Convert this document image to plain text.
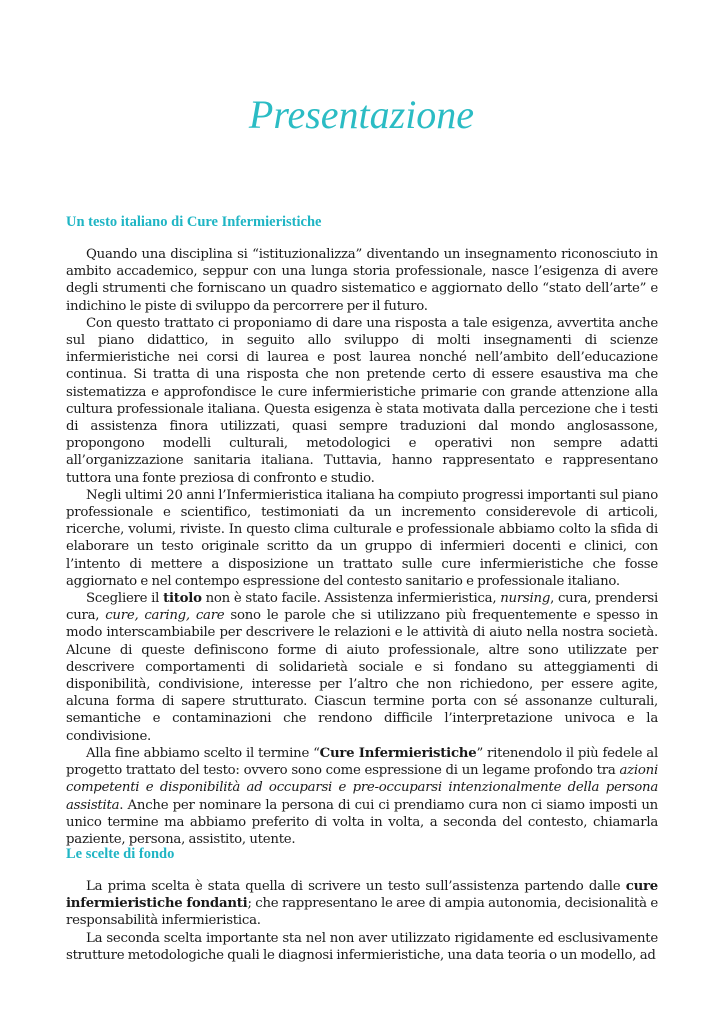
Presentazione
Un testo italiano di Cure Infermieristiche

Quando una disciplina si “istituzionalizza” diventando un insegnamento riconosciuto in ambito accademico, seppur con una lunga storia professionale, nasce l’esigenza di avere degli strumenti che forniscano un quadro sistematico e aggiornato dello “stato dell’arte” e indichino le piste di sviluppo da percorrere per il futuro.

Con questo trattato ci proponiamo di dare una risposta a tale esigenza, avvertita anche sul piano didattico, in seguito allo sviluppo di molti insegnamenti di scienze infermieristiche nei corsi di laurea e post laurea nonché nell’ambito dell’educazione continua. Si tratta di una risposta che non pretende certo di essere esaustiva ma che sistematizza e approfondisce le cure infermieristiche primarie con grande attenzione alla cultura professionale italiana. Questa esigenza è stata motivata dalla percezione che i testi di assistenza finora utilizzati, quasi sempre traduzioni dal mondo anglosassone, propongono modelli culturali, metodologici e operativi non sempre adatti all’organizzazione sanitaria italiana. Tuttavia, hanno rappresentato e rappresentano tuttora una fonte preziosa di confronto e studio.

Negli ultimi 20 anni l’Infermieristica italiana ha compiuto progressi importanti sul piano professionale e scientifico, testimoniati da un incremento considerevole di articoli, ricerche, volumi, riviste. In questo clima culturale e professionale abbiamo colto la sfida di elaborare un testo originale scritto da un gruppo di infermieri docenti e clinici, con l’intento di mettere a disposizione un trattato sulle cure infermieristiche che fosse aggiornato e nel contempo espressione del contesto sanitario e professionale italiano.

Scegliere il titolo non è stato facile. Assistenza infermieristica, nursing, cura, prendersi cura, cure, caring, care sono le parole che si utilizzano più frequentemente e spesso in modo interscambiabile per descrivere le relazioni e le attività di aiuto nella nostra società. Alcune di queste definiscono forme di aiuto professionale, altre sono utilizzate per descrivere comportamenti di solidarietà sociale e si fondano su atteggiamenti di disponibilità, condivisione, interesse per l’altro che non richiedono, per essere agite, alcuna forma di sapere strutturato. Ciascun termine porta con sé assonanze culturali, semantiche e contaminazioni che rendono difficile l’interpretazione univoca e la condivisione.

Alla fine abbiamo scelto il termine “Cure Infermieristiche” ritenendolo il più fedele al progetto trattato del testo: ovvero sono come espressione di un legame profondo tra azioni competenti e disponibilità ad occuparsi e pre-occuparsi intenzionalmente della persona assistita. Anche per nominare la persona di cui ci prendiamo cura non ci siamo imposti un unico termine ma abbiamo preferito di volta in volta, a seconda del contesto, chiamarla paziente, persona, assistito, utente.

Le scelte di fondo

La prima scelta è stata quella di scrivere un testo sull’assistenza partendo dalle cure infermieristiche fondanti; che rappresentano le aree di ampia autonomia, decisionalità e responsabilità infermieristica.

La seconda scelta importante sta nel non aver utilizzato rigidamente ed esclusivamente strutture metodologiche quali le diagnosi infermieristiche, una data teoria o un modello, ad
